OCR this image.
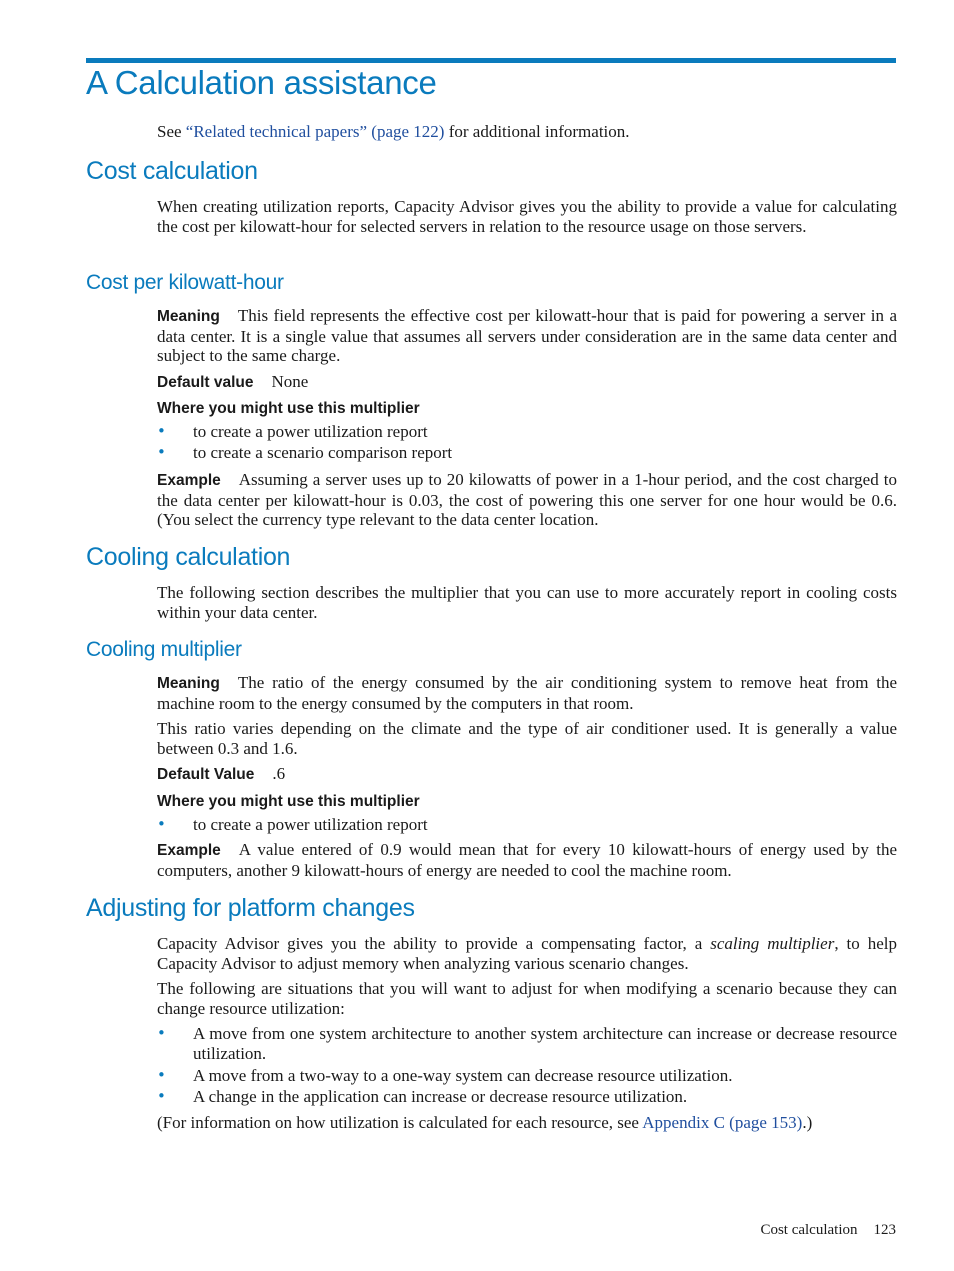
A Calculation assistance

See “Related technical papers” (page 122) for additional information.

Cost calculation

When creating utilization reports, Capacity Advisor gives you the ability to provide a value for calculating the cost per kilowatt-hour for selected servers in relation to the resource usage on those servers.

Cost per kilowatt-hour

Meaning This field represents the effective cost per kilowatt-hour that is paid for powering a server in a data center. It is a single value that assumes all servers under consideration are in the same data center and subject to the same charge.

Default value None

Where you might use this multiplier

• to create a power utilization report
• to create a scenario comparison report

Example Assuming a server uses up to 20 kilowatts of power in a 1-hour period, and the cost charged to the data center per kilowatt-hour is 0.03, the cost of powering this one server for one hour would be 0.6. (You select the currency type relevant to the data center location.

Cooling calculation

The following section describes the multiplier that you can use to more accurately report in cooling costs within your data center.

Cooling multiplier

Meaning The ratio of the energy consumed by the air conditioning system to remove heat from the machine room to the energy consumed by the computers in that room.

This ratio varies depending on the climate and the type of air conditioner used. It is generally a value between 0.3 and 1.6.

Default Value .6

Where you might use this multiplier

• to create a power utilization report

Example A value entered of 0.9 would mean that for every 10 kilowatt-hours of energy used by the computers, another 9 kilowatt-hours of energy are needed to cool the machine room.

Adjusting for platform changes

Capacity Advisor gives you the ability to provide a compensating factor, a scaling multiplier, to help Capacity Advisor to adjust memory when analyzing various scenario changes.

The following are situations that you will want to adjust for when modifying a scenario because they can change resource utilization:

• A move from one system architecture to another system architecture can increase or decrease resource utilization.
• A move from a two-way to a one-way system can decrease resource utilization.
• A change in the application can increase or decrease resource utilization.

(For information on how utilization is calculated for each resource, see Appendix C (page 153).)

Cost calculation 123
